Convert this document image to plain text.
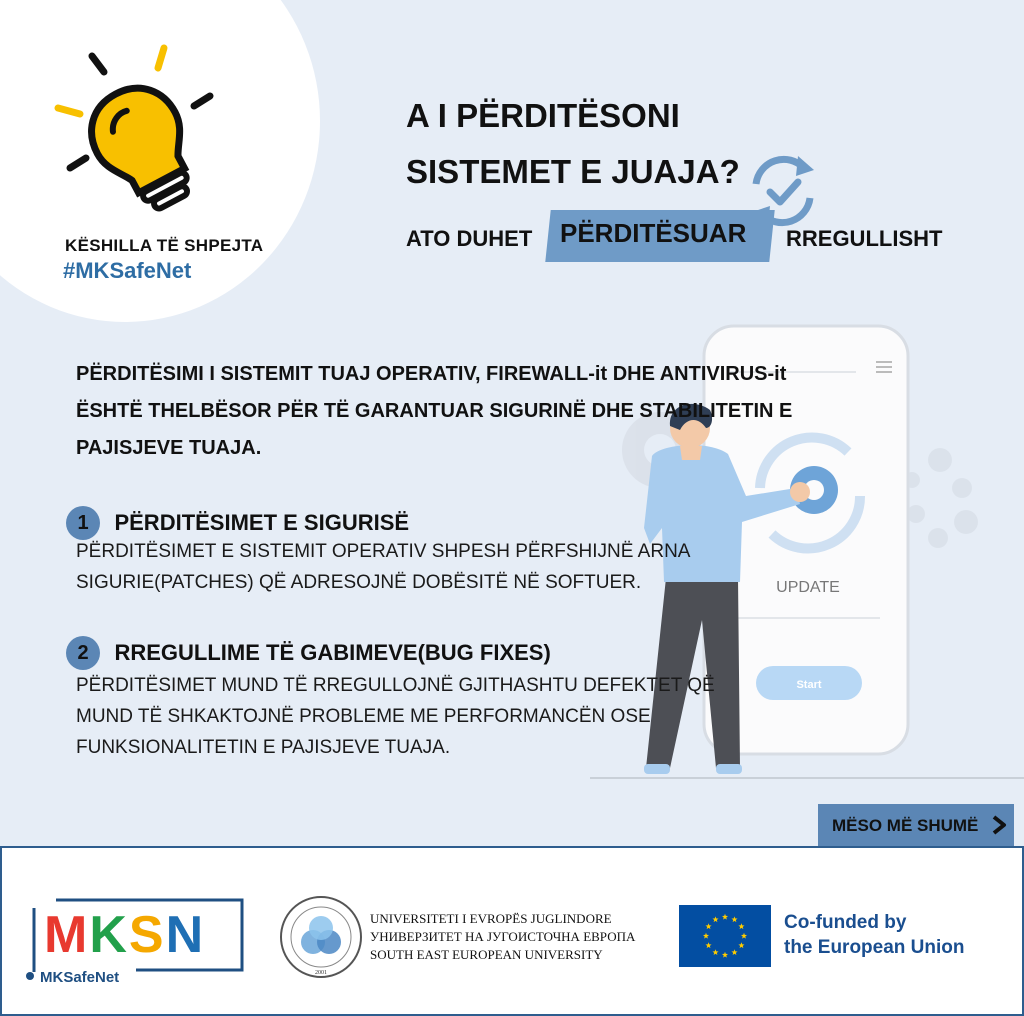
KËSHILLA TË SHPEJTA
#MKSafeNet
A I PËRDITËSONI
SISTEMET E JUAJA?
ATO DUHET PËRDITËSUAR RREGULLISHT
UPDATE
Start
PËRDITËSIMI I SISTEMIT TUAJ OPERATIV, FIREWALL-it DHE ANTIVIRUS-it ËSHTË THELBËSOR PËR TË GARANTUAR SIGURINË DHE STABILITETIN E PAJISJEVE TUAJA.
1 PËRDITËSIMET E SIGURISË
PËRDITËSIMET E SISTEMIT OPERATIV SHPESH PËRFSHIJNË ARNA SIGURIE(PATCHES) QË ADRESOJNË DOBËSITË NË SOFTUER.
2 RREGULLIME TË GABIMEVE(BUG FIXES)
PËRDITËSIMET MUND TË RREGULLOJNË GJITHASHTU DEFEKTET QË MUND TË SHKAKTOJNË PROBLEME ME PERFORMANCËN OSE FUNKSIONALITETIN E PAJISJEVE TUAJA.
MËSO MË SHUMË
MKSN
MKSafeNet	2001
UNIVERSITETI I EVROPËS JUGLINDORE
УНИВЕРЗИТЕТ НА ЈУГОИСТОЧНА ЕВРОПА
SOUTH EAST EUROPEAN UNIVERSITY
Co-funded by
the European Union
